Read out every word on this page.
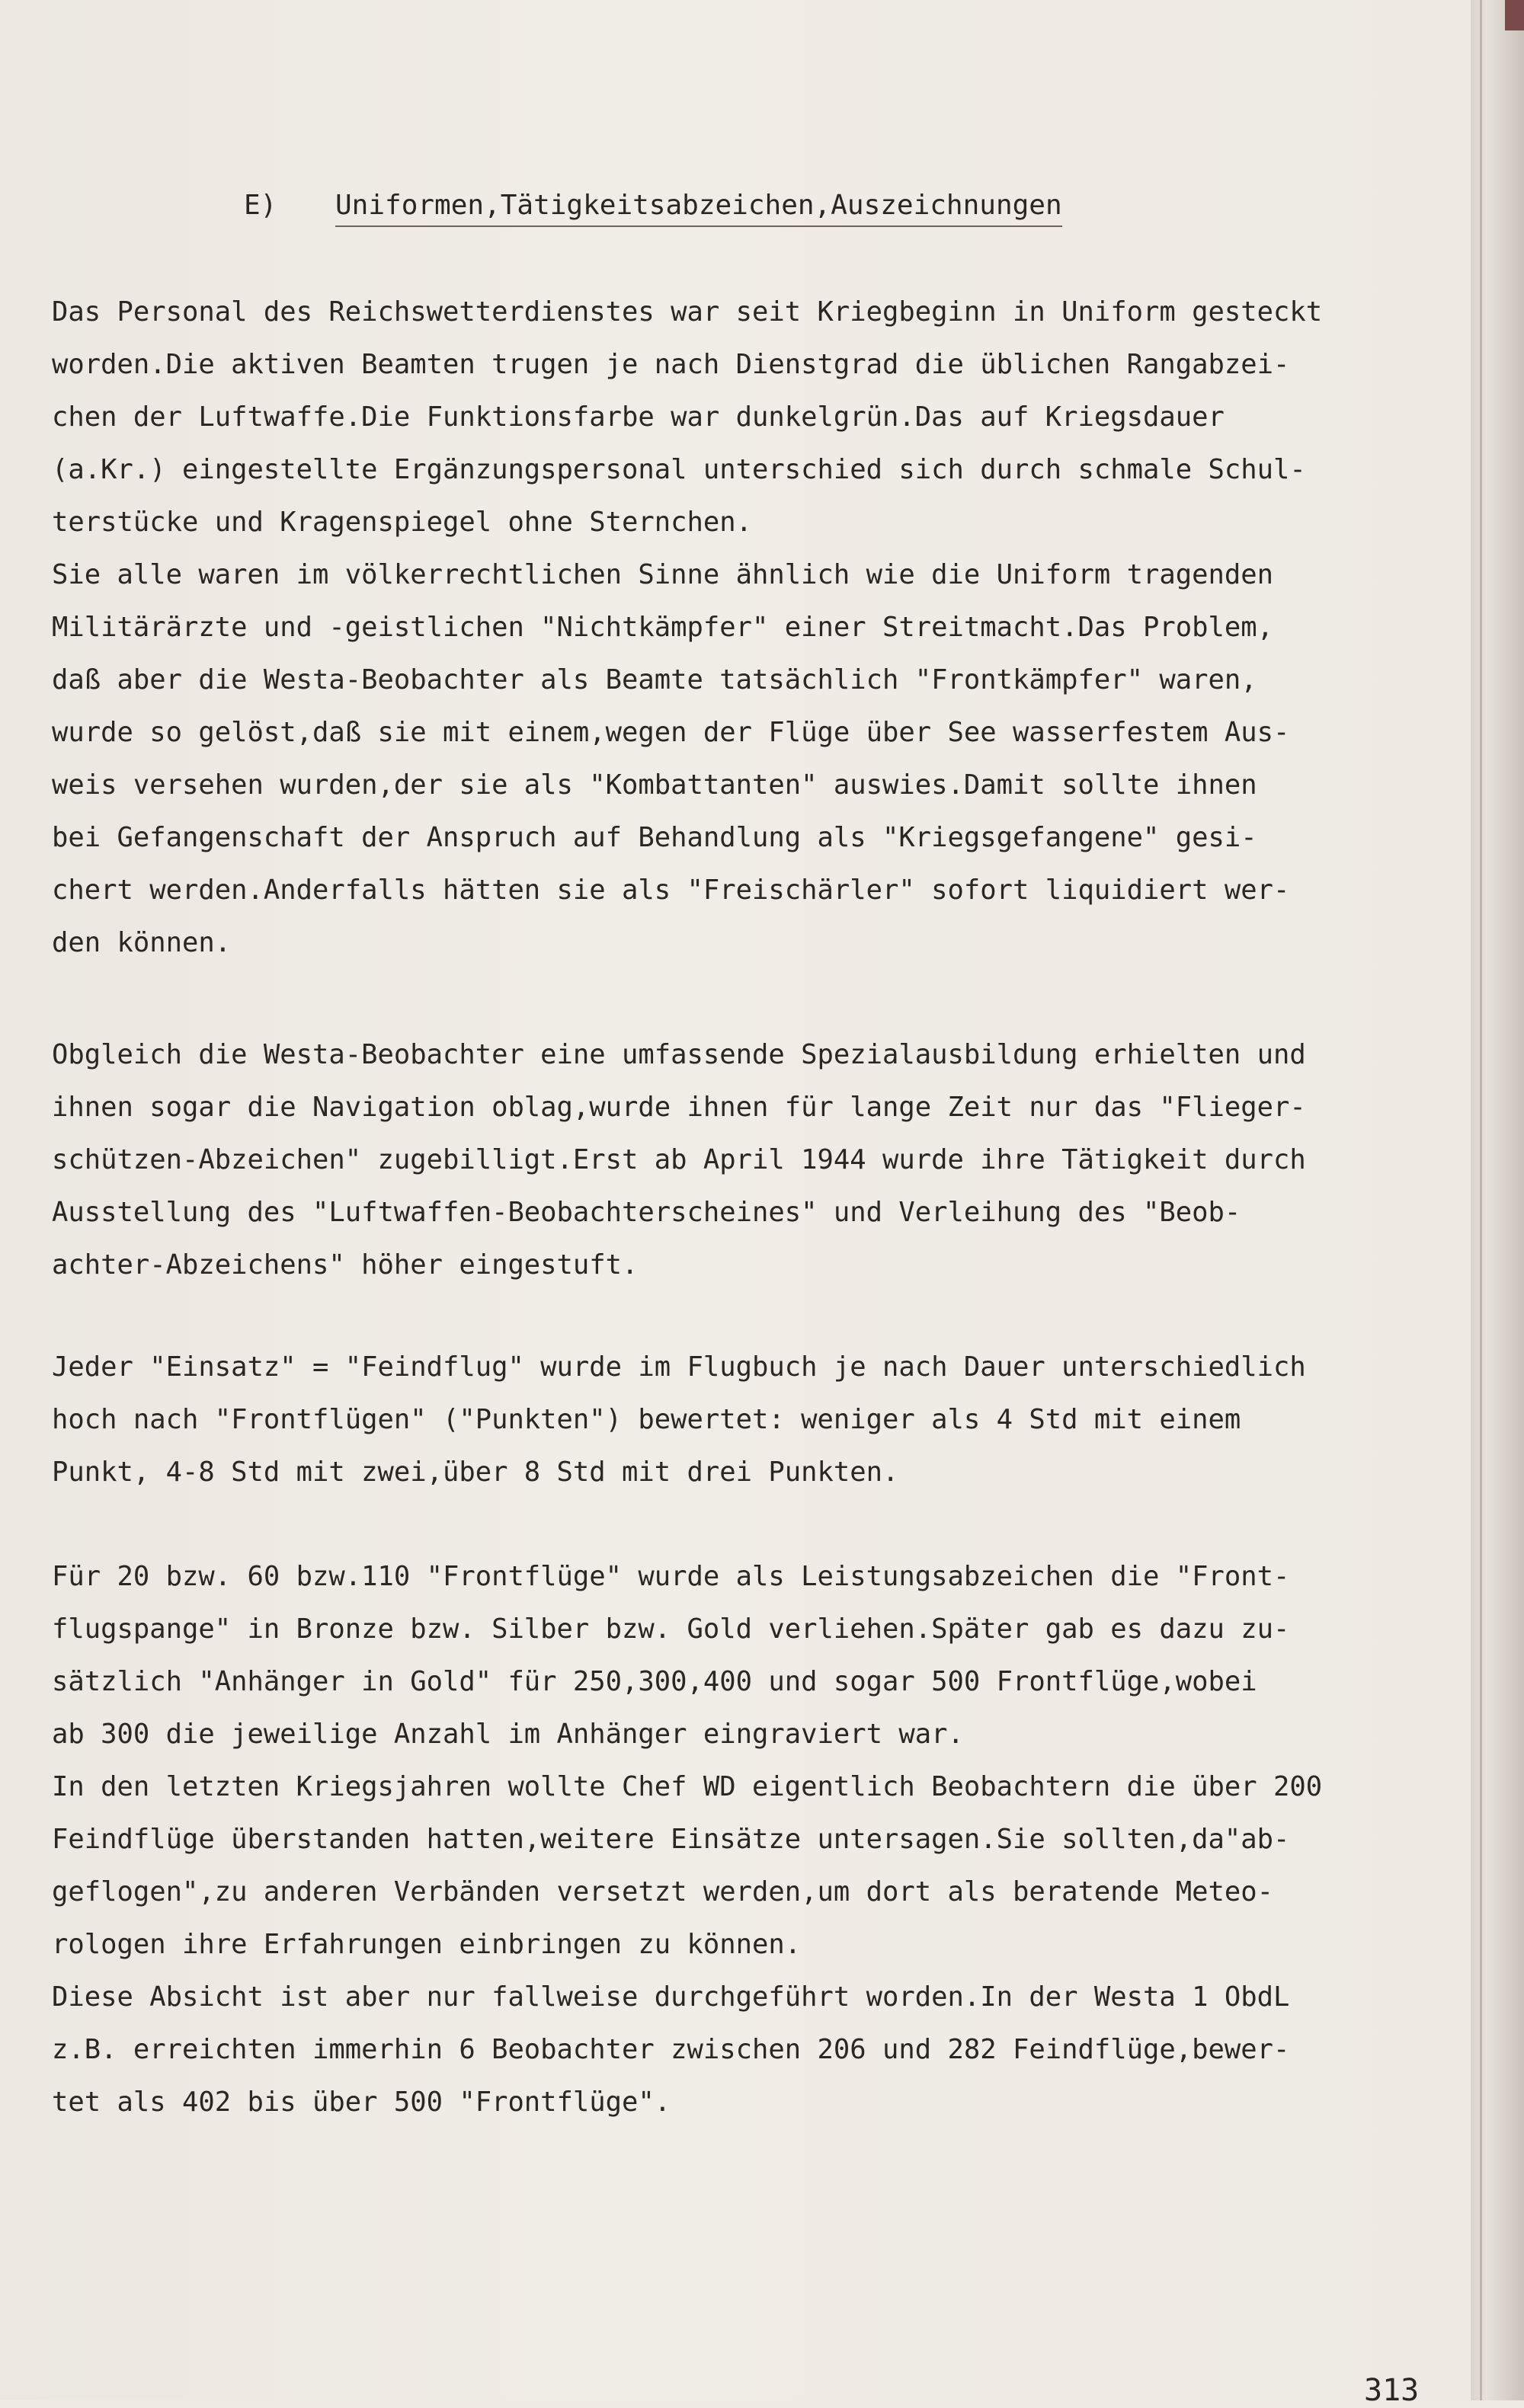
E) Uniformen,Tätigkeitsabzeichen,Auszeichnungen
Das Personal des Reichswetterdienstes war seit Kriegbeginn in Uniform gesteckt
worden.Die aktiven Beamten trugen je nach Dienstgrad die üblichen Rangabzei-
chen der Luftwaffe.Die Funktionsfarbe war dunkelgrün.Das auf Kriegsdauer
(a.Kr.) eingestellte Ergänzungspersonal unterschied sich durch schmale Schul-
terstücke und Kragenspiegel ohne Sternchen.
Sie alle waren im völkerrechtlichen Sinne ähnlich wie die Uniform tragenden
Militärärzte und -geistlichen "Nichtkämpfer" einer Streitmacht.Das Problem,
daß aber die Westa-Beobachter als Beamte tatsächlich "Frontkämpfer" waren,
wurde so gelöst,daß sie mit einem,wegen der Flüge über See wasserfestem Aus-
weis versehen wurden,der sie als "Kombattanten" auswies.Damit sollte ihnen
bei Gefangenschaft der Anspruch auf Behandlung als "Kriegsgefangene" gesi-
chert werden.Anderfalls hätten sie als "Freischärler" sofort liquidiert wer-
den können.
Obgleich die Westa-Beobachter eine umfassende Spezialausbildung erhielten und
ihnen sogar die Navigation oblag,wurde ihnen für lange Zeit nur das "Flieger-
schützen-Abzeichen" zugebilligt.Erst ab April 1944 wurde ihre Tätigkeit durch
Ausstellung des "Luftwaffen-Beobachterscheines" und Verleihung des "Beob-
achter-Abzeichens" höher eingestuft.
Jeder "Einsatz" = "Feindflug" wurde im Flugbuch je nach Dauer unterschiedlich
hoch nach "Frontflügen" ("Punkten") bewertet: weniger als 4 Std mit einem
Punkt, 4-8 Std mit zwei,über 8 Std mit drei Punkten.
Für 20 bzw. 60 bzw.110 "Frontflüge" wurde als Leistungsabzeichen die "Front-
flugspange" in Bronze bzw. Silber bzw. Gold verliehen.Später gab es dazu zu-
sätzlich "Anhänger in Gold" für 250,300,400 und sogar 500 Frontflüge,wobei
ab 300 die jeweilige Anzahl im Anhänger eingraviert war.
In den letzten Kriegsjahren wollte Chef WD eigentlich Beobachtern die über 200
Feindflüge überstanden hatten,weitere Einsätze untersagen.Sie sollten,da"ab-
geflogen",zu anderen Verbänden versetzt werden,um dort als beratende Meteo-
rologen ihre Erfahrungen einbringen zu können.
Diese Absicht ist aber nur fallweise durchgeführt worden.In der Westa 1 ObdL
z.B. erreichten immerhin 6 Beobachter zwischen 206 und 282 Feindflüge,bewer-
tet als 402 bis über 500 "Frontflüge".
313
